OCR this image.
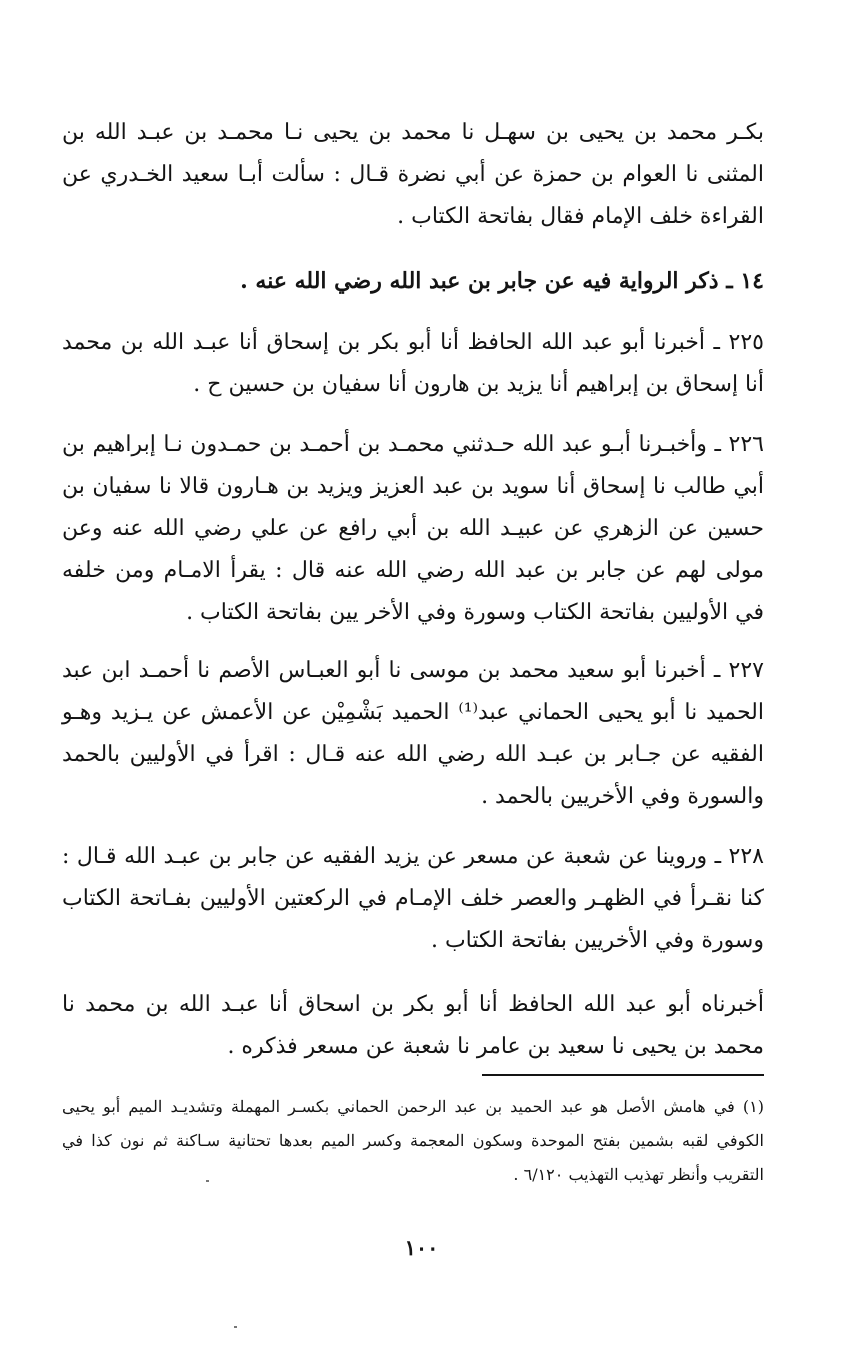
بكـر محمد بن يحيى بن سهـل نا محمد بن يحيى نـا محمـد بن عبـد الله بن المثنى نا العوام بن حمزة عن أبي نضرة قـال : سألت أبـا سعيد الخـدري عن القراءة خلف الإمام فقال بفاتحة الكتاب .

١٤ ـ ذكر الرواية فيه عن جابر بن عبد الله رضي الله عنه .

٢٢٥ ـ أخبرنا أبو عبد الله الحافظ أنا أبو بكر بن إسحاق أنا عبـد الله بن محمد أنا إسحاق بن إبراهيم أنا يزيد بن هارون أنا سفيان بن حسين ح .

٢٢٦ ـ وأخبـرنا أبـو عبد الله حـدثني محمـد بن أحمـد بن حمـدون نـا إبراهيم بن أبي طالب نا إسحاق أنا سويد بن عبد العزيز ويزيد بن هـارون قالا نا سفيان بن حسين عن الزهري عن عبيـد الله بن أبي رافع عن علي رضي الله عنه وعن مولى لهم عن جابر بن عبد الله رضي الله عنه قال : يقرأ الامـام ومن خلفه في الأوليين بفاتحة الكتاب وسورة وفي الأخر يين بفاتحة الكتاب .

٢٢٧ ـ أخبرنا أبو سعيد محمد بن موسى نا أبو العبـاس الأصم نا أحمـد ابن عبد الحميد نا أبو يحيى الحماني عبد⁽¹⁾ الحميد بَشْمِيْن عن الأعمش عن يـزيد وهـو الفقيه عن جـابر بن عبـد الله رضي الله عنه قـال : اقرأ في الأوليين بالحمد والسورة وفي الأخريين بالحمد .

٢٢٨ ـ وروينا عن شعبة عن مسعر عن يزيد الفقيه عن جابر بن عبـد الله قـال : كنا نقـرأ في الظهـر والعصر خلف الإمـام في الركعتين الأوليين بفـاتحة الكتاب وسورة وفي الأخريين بفاتحة الكتاب .

أخبرناه أبو عبد الله الحافظ أنا أبو بكر بن اسحاق أنا عبـد الله بن محمد نا محمد بن يحيى نا سعيد بن عامر نا شعبة عن مسعر فذكره .

(١) في هامش الأصل هو عبد الحميد بن عبد الرحمن الحماني بكسـر المهملة وتشديـد الميم أبو يحيى الكوفي لقبه بشمين بفتح الموحدة وسكون المعجمة وكسر الميم بعدها تحتانية سـاكنة ثم نون كذا في التقريب وأنظر تهذيب التهذيب ٦/١٢٠ .

١٠٠
